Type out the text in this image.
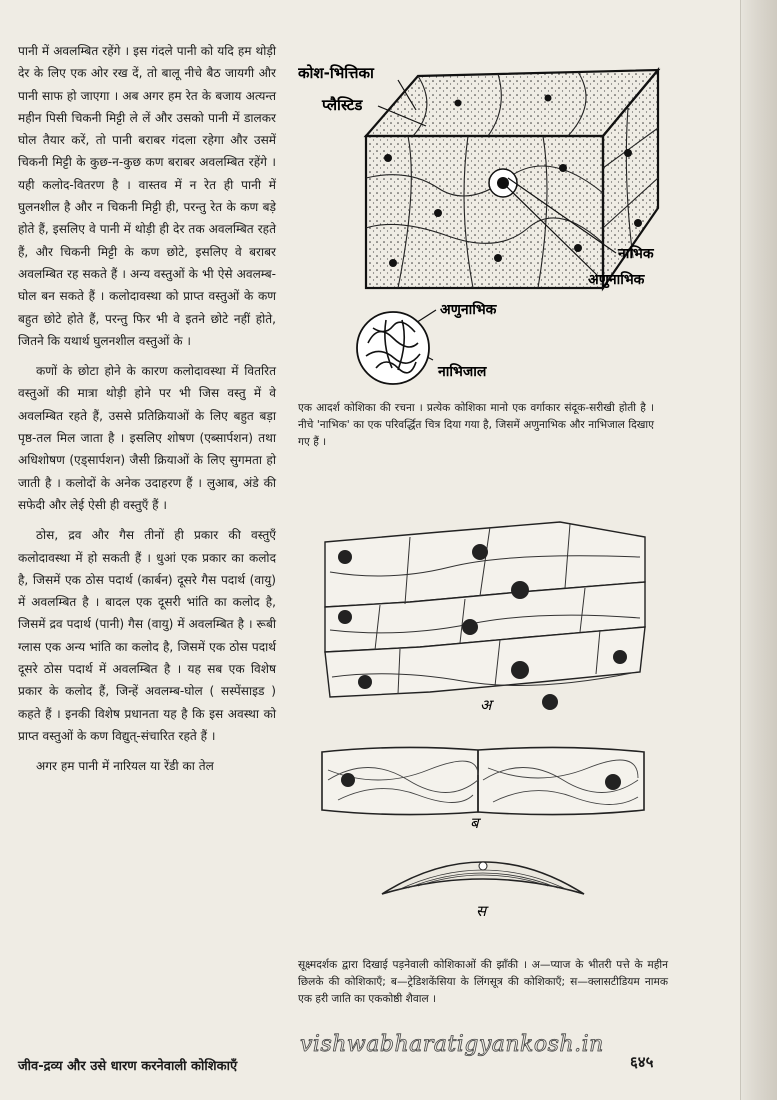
पानी में अवलम्बित रहेंगे । इस गंदले पानी को यदि हम थोड़ी देर के लिए एक ओर रख दें, तो बालू नीचे बैठ जायगी और पानी साफ हो जाएगा । अब अगर हम रेत के बजाय अत्यन्त महीन पिसी चिकनी मिट्टी ले लें और उसको पानी में डालकर घोल तैयार करें, तो पानी बराबर गंदला रहेगा और उसमें चिकनी मिट्टी के कुछ-न-कुछ कण बराबर अवलम्बित रहेंगे । यही कलोद-वितरण है । वास्तव में न रेत ही पानी में घुलनशील है और न चिकनी मिट्टी ही, परन्तु रेत के कण बड़े होते हैं, इसलिए वे पानी में थोड़ी ही देर तक अवलम्बित रहते हैं, और चिकनी मिट्टी के कण छोटे, इसलिए वे बराबर अवलम्बित रह सकते हैं । अन्य वस्तुओं के भी ऐसे अवलम्ब-घोल बन सकते हैं । कलोदावस्था को प्राप्त वस्तुओं के कण बहुत छोटे होते हैं, परन्तु फिर भी वे इतने छोटे नहीं होते, जितने कि यथार्थ घुलनशील वस्तुओं के ।

कणों के छोटा होने के कारण कलोदावस्था में वितरित वस्तुओं की मात्रा थोड़ी होने पर भी जिस वस्तु में वे अवलम्बित रहते हैं, उससे प्रतिक्रियाओं के लिए बहुत बड़ा पृष्ठ-तल मिल जाता है । इसलिए शोषण (एब्सार्पशन) तथा अधिशोषण (एड्सार्पशन) जैसी क्रियाओं के लिए सुगमता हो जाती है । कलोदों के अनेक उदाहरण हैं । लुआब, अंडे की सफेदी और लेई ऐसी ही वस्तुएँ हैं ।

ठोस, द्रव और गैस तीनों ही प्रकार की वस्तुएँ कलोदावस्था में हो सकती हैं । धुआं एक प्रकार का कलोद है, जिसमें एक ठोस पदार्थ (कार्बन) दूसरे गैस पदार्थ (वायु) में अवलम्बित है । बादल एक दूसरी भांति का कलोद है, जिसमें द्रव पदार्थ (पानी) गैस (वायु) में अवलम्बित है । रूबी ग्लास एक अन्य भांति का कलोद है, जिसमें एक ठोस पदार्थ दूसरे ठोस पदार्थ में अवलम्बित है । यह सब एक विशेष प्रकार के कलोद हैं, जिन्हें अवलम्ब-घोल ( सस्पेंसाइड ) कहते हैं । इनकी विशेष प्रधानता यह है कि इस अवस्था को प्राप्त वस्तुओं के कण विद्युत्-संचारित रहते हैं ।

अगर हम पानी में नारियल या रेंडी का तेल

कोश-भित्तिका
प्लैस्टिड
नाभिक
अणुनाभिक
अणुनाभिक
नाभिजाल
एक आदर्श कोशिका की रचना । प्रत्येक कोशिका मानो एक वर्गाकार संदूक-सरीखी होती है । नीचे 'नाभिक' का एक परिवर्द्धित चित्र दिया गया है, जिसमें अणुनाभिक और नाभिजाल दिखाए गए हैं ।
अ
ब
स
सूक्ष्मदर्शक द्वारा दिखाई पड़नेवाली कोशिकाओं की झाँकी । अ—प्याज के भीतरी पत्ते के महीन छिलके की कोशिकाएँ; ब—ट्रेडिशकेंसिया के लिंगसूत्र की कोशिकाएँ; स—क्लासटीडियम नामक एक हरी जाति का एककोष्ठी शैवाल ।
vishwabharatigyankosh.in
जीव-द्रव्य और उसे धारण करनेवाली कोशिकाएँ	६४५
